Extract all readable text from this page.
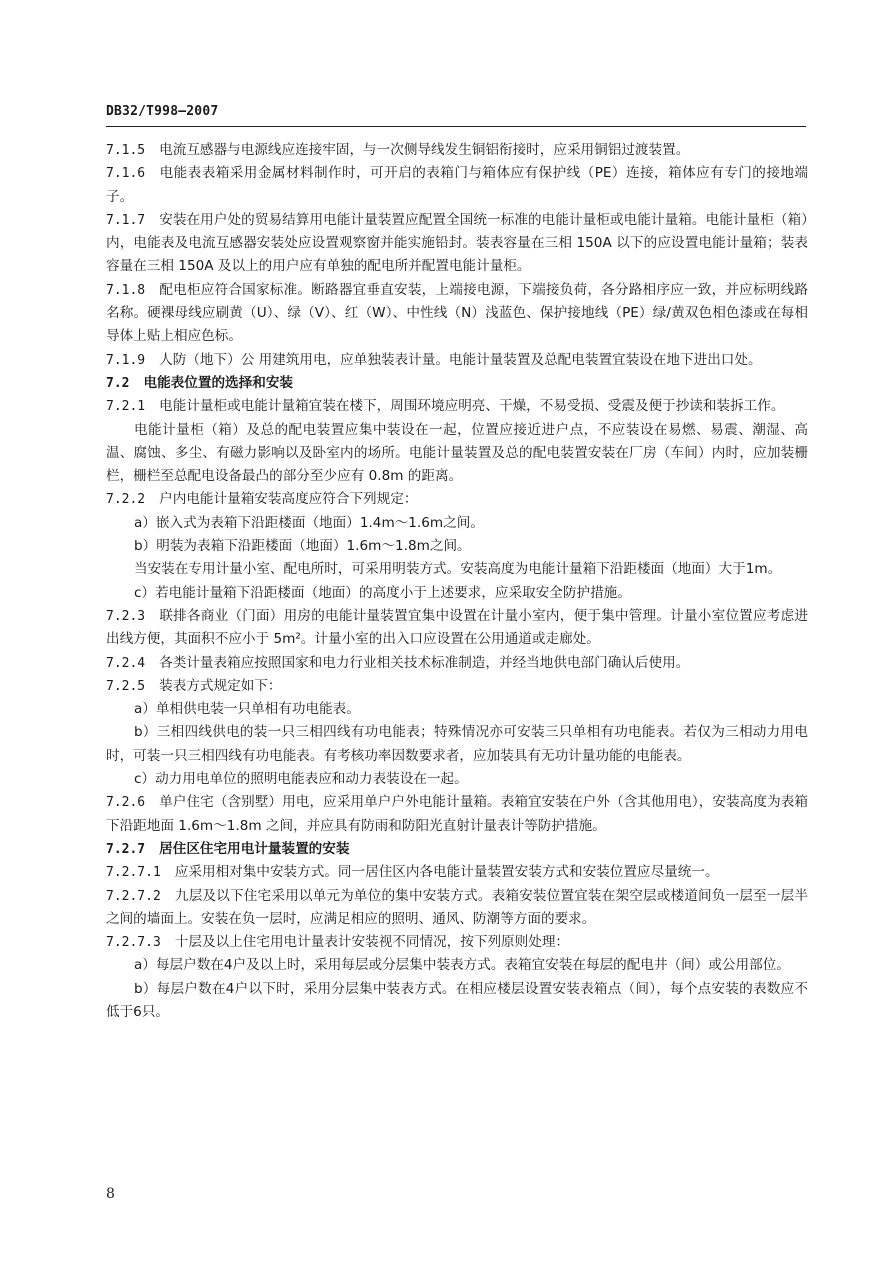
DB32/T998—2007

7.1.5 电流互感器与电源线应连接牢固，与一次侧导线发生铜铝衔接时，应采用铜铝过渡装置。

7.1.6 电能表表箱采用金属材料制作时，可开启的表箱门与箱体应有保护线（PE）连接，箱体应有专门的接地端子。

7.1.7 安装在用户处的贸易结算用电能计量装置应配置全国统一标准的电能计量柜或电能计量箱。电能计量柜（箱）内，电能表及电流互感器安装处应设置观察窗并能实施铅封。装表容量在三相 150A 以下的应设置电能计量箱；装表容量在三相 150A 及以上的用户应有单独的配电所并配置电能计量柜。

7.1.8 配电柜应符合国家标准。断路器宜垂直安装，上端接电源，下端接负荷，各分路相序应一致，并应标明线路名称。硬裸母线应刷黄（U）、绿（V）、红（W）、中性线（N）浅蓝色、保护接地线（PE）绿/黄双色相色漆或在每相导体上贴上相应色标。

7.1.9 人防（地下）公 用建筑用电，应单独装表计量。电能计量装置及总配电装置宜装设在地下进出口处。

7.2 电能表位置的选择和安装

7.2.1 电能计量柜或电能计量箱宜装在楼下，周围环境应明亮、干燥，不易受损、受震及便于抄读和装拆工作。

电能计量柜（箱）及总的配电装置应集中装设在一起，位置应接近进户点，不应装设在易燃、易震、潮湿、高温、腐蚀、多尘、有磁力影响以及卧室内的场所。电能计量装置及总的配电装置安装在厂房（车间）内时，应加装栅栏，栅栏至总配电设备最凸的部分至少应有 0.8m 的距离。

7.2.2 户内电能计量箱安装高度应符合下列规定：

a）嵌入式为表箱下沿距楼面（地面）1.4m～1.6m之间。

b）明装为表箱下沿距楼面（地面）1.6m～1.8m之间。

当安装在专用计量小室、配电所时，可采用明装方式。安装高度为电能计量箱下沿距楼面（地面）大于1m。

c）若电能计量箱下沿距楼面（地面）的高度小于上述要求，应采取安全防护措施。

7.2.3 联排各商业（门面）用房的电能计量装置宜集中设置在计量小室内，便于集中管理。计量小室位置应考虑进出线方便，其面积不应小于 5m²。计量小室的出入口应设置在公用通道或走廊处。

7.2.4 各类计量表箱应按照国家和电力行业相关技术标准制造，并经当地供电部门确认后使用。

7.2.5 装表方式规定如下：

a）单相供电装一只单相有功电能表。

b）三相四线供电的装一只三相四线有功电能表；特殊情况亦可安装三只单相有功电能表。若仅为三相动力用电时，可装一只三相四线有功电能表。有考核功率因数要求者，应加装具有无功计量功能的电能表。

c）动力用电单位的照明电能表应和动力表装设在一起。

7.2.6 单户住宅（含别墅）用电，应采用单户户外电能计量箱。表箱宜安装在户外（含其他用电），安装高度为表箱下沿距地面 1.6m～1.8m 之间，并应具有防雨和防阳光直射计量表计等防护措施。

7.2.7 居住区住宅用电计量装置的安装

7.2.7.1 应采用相对集中安装方式。同一居住区内各电能计量装置安装方式和安装位置应尽量统一。

7.2.7.2 九层及以下住宅采用以单元为单位的集中安装方式。表箱安装位置宜装在架空层或楼道间负一层至一层半之间的墙面上。安装在负一层时，应满足相应的照明、通风、防潮等方面的要求。

7.2.7.3 十层及以上住宅用电计量表计安装视不同情况，按下列原则处理：

a）每层户数在4户及以上时，采用每层或分层集中装表方式。表箱宜安装在每层的配电井（间）或公用部位。

b）每层户数在4户以下时，采用分层集中装表方式。在相应楼层设置安装表箱点（间），每个点安装的表数应不低于6只。

8
